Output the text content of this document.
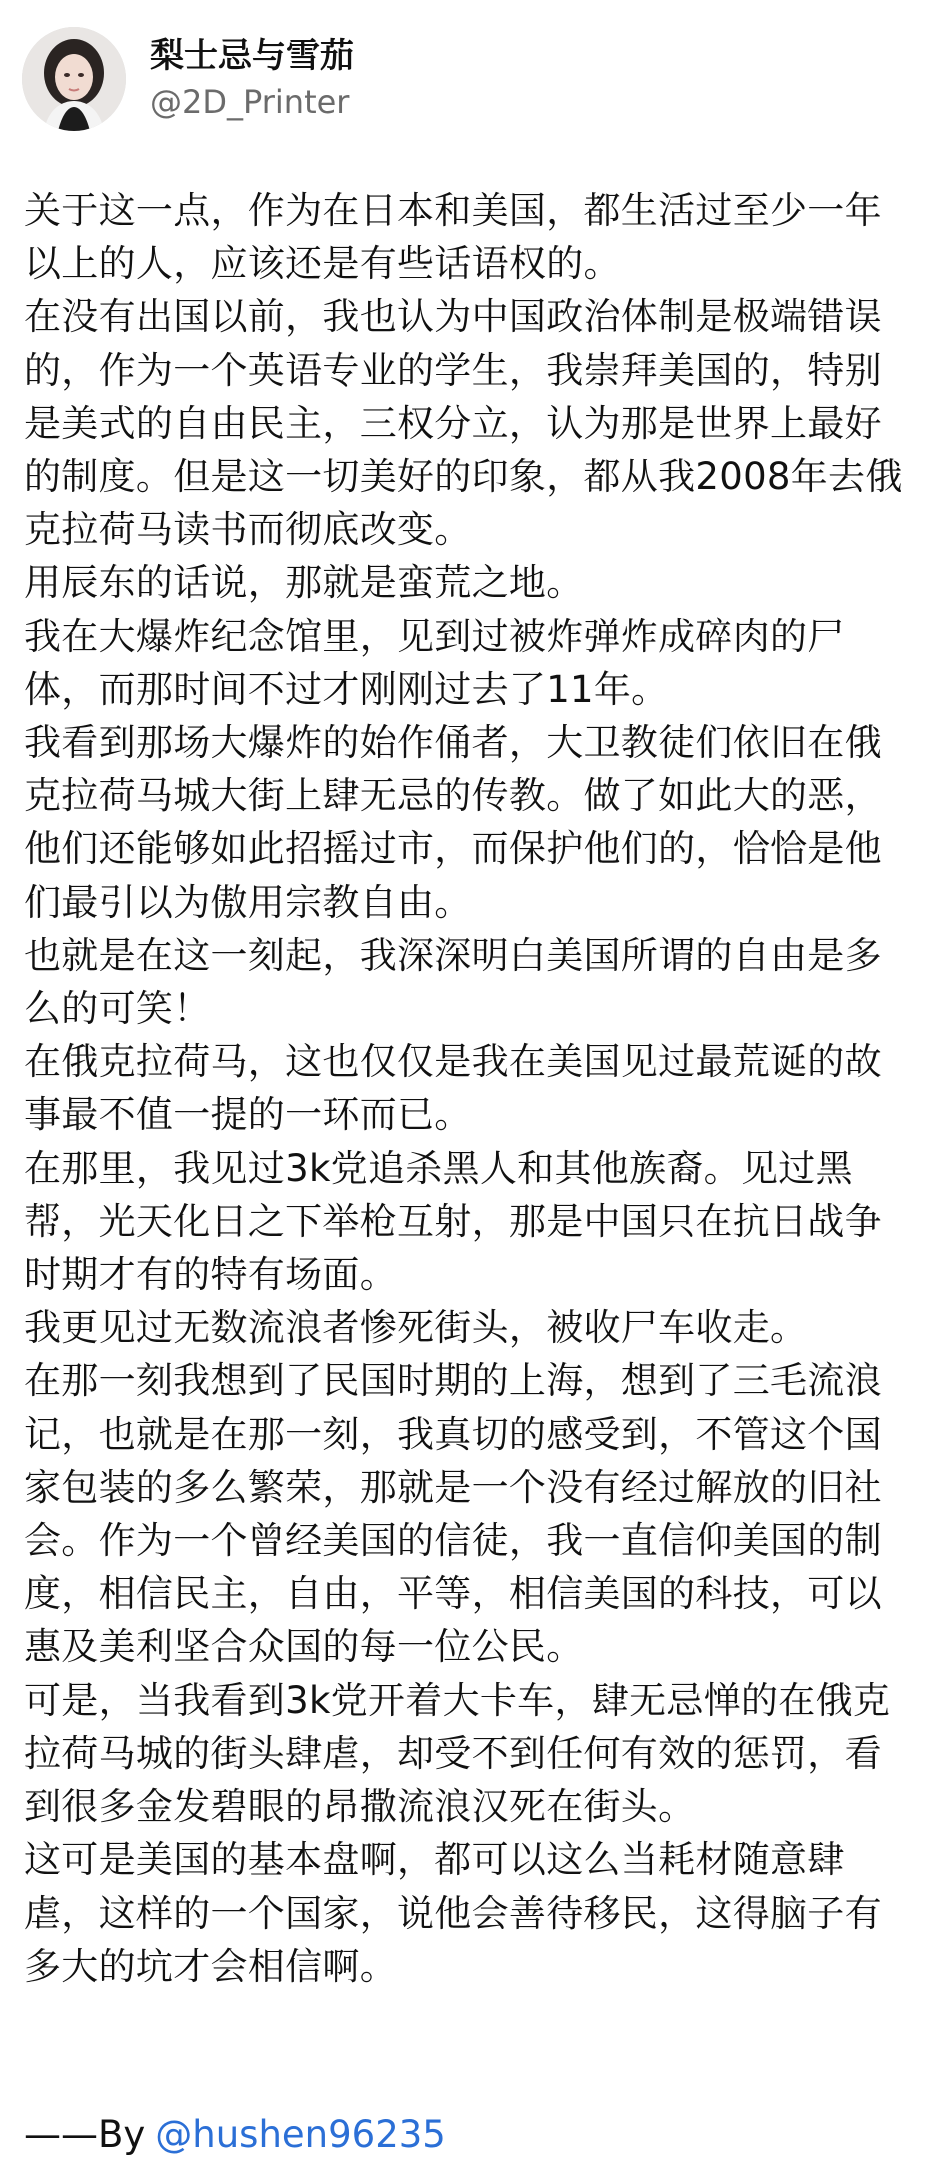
梨士忌与雪茄
@2D_Printer

关于这一点，作为在日本和美国，都生活过至少一年以上的人，应该还是有些话语权的。

在没有出国以前，我也认为中国政治体制是极端错误的，作为一个英语专业的学生，我崇拜美国的，特别是美式的自由民主，三权分立，认为那是世界上最好的制度。但是这一切美好的印象，都从我2008年去俄克拉荷马读书而彻底改变。

用辰东的话说，那就是蛮荒之地。

我在大爆炸纪念馆里，见到过被炸弹炸成碎肉的尸体，而那时间不过才刚刚过去了11年。

我看到那场大爆炸的始作俑者，大卫教徒们依旧在俄克拉荷马城大街上肆无忌的传教。做了如此大的恶，他们还能够如此招摇过市，而保护他们的，恰恰是他们最引以为傲用宗教自由。

也就是在这一刻起，我深深明白美国所谓的自由是多么的可笑！

在俄克拉荷马，这也仅仅是我在美国见过最荒诞的故事最不值一提的一环而已。

在那里，我见过3k党追杀黑人和其他族裔。见过黑帮，光天化日之下举枪互射，那是中国只在抗日战争时期才有的特有场面。

我更见过无数流浪者惨死街头，被收尸车收走。

在那一刻我想到了民国时期的上海，想到了三毛流浪记，也就是在那一刻，我真切的感受到，不管这个国家包装的多么繁荣，那就是一个没有经过解放的旧社会。作为一个曾经美国的信徒，我一直信仰美国的制度，相信民主，自由，平等，相信美国的科技，可以惠及美利坚合众国的每一位公民。

可是，当我看到3k党开着大卡车，肆无忌惮的在俄克拉荷马城的街头肆虐，却受不到任何有效的惩罚，看到很多金发碧眼的昂撒流浪汉死在街头。

这可是美国的基本盘啊，都可以这么当耗材随意肆虐，这样的一个国家，说他会善待移民，这得脑子有多大的坑才会相信啊。

——By @hushen96235
